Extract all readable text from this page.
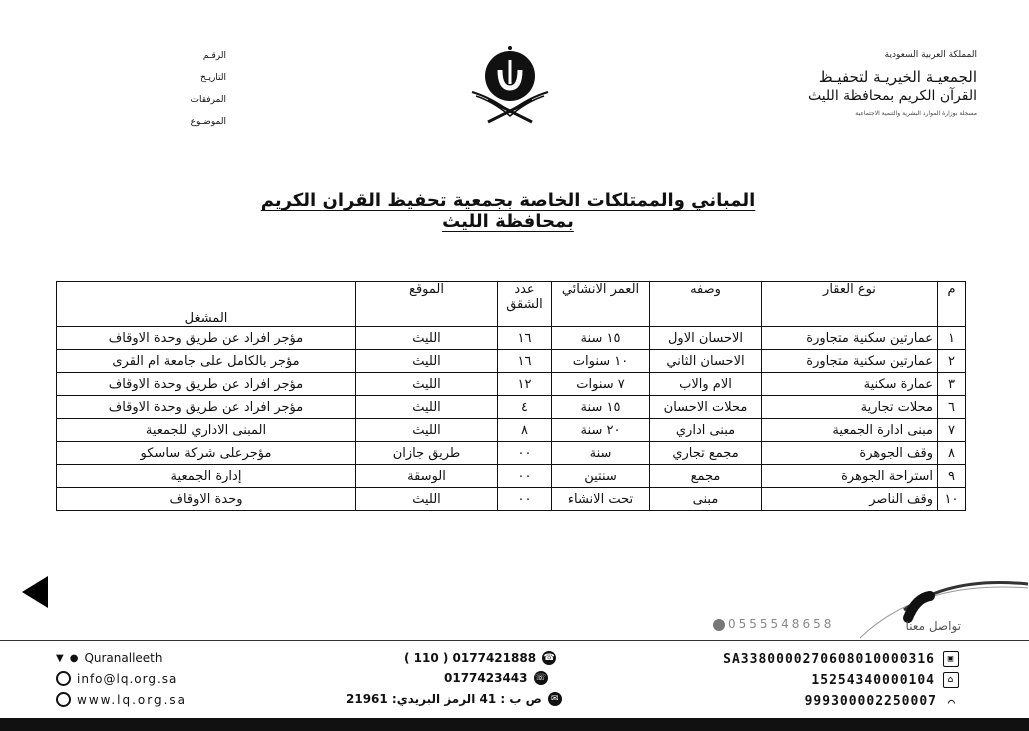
المملكة العربية السعودية
الجمعيـة الخيريـة لتحفيـظ
القرآن الكريم بمحافظة الليث
مسجلة بوزارة الموارد البشرية والتنمية الاجتماعية
الرقـم
التاريـخ
المرفقات
الموضـوع
المباني والممتلكات الخاصة بجمعية تحفيظ القران الكريم بمحافظة الليث
م	نوع العقار	وصفه	العمر الانشائي	عدد الشقق	الموقع	المشغل
١	عمارتين سكنية متجاورة	الاحسان الاول	١٥ سنة	١٦	الليث	مؤجر افراد عن طريق وحدة الاوقاف
٢	عمارتين سكنية متجاورة	الاحسان الثاني	١٠ سنوات	١٦	الليث	مؤجر بالكامل على جامعة ام القرى
٣	عمارة سكنية	الام والاب	٧ سنوات	١٢	الليث	مؤجر افراد عن طريق وحدة الاوقاف
٦	محلات تجارية	محلات الاحسان	١٥ سنة	٤	الليث	مؤجر افراد عن طريق وحدة الاوقاف
٧	مبنى ادارة الجمعية	مبنى اداري	٢٠ سنة	٨	الليث	المبنى الاداري للجمعية
٨	وقف الجوهرة	مجمع تجاري	سنة	٠٠	طريق جازان	مؤجرعلى شركة ساسكو
٩	استراحة الجوهرة	مجمع	سنتين	٠٠	الوسقة	إدارة الجمعية
١٠	وقف الناصر	مبنى	تحت الانشاء	٠٠	الليث	وحدة الاوقاف
تواصل معنا
0555548658
▼ ● Quranalleeth
info@lq.org.sa
www.lq.org.sa
( 110 ) 0177421888 ☎
0177423443 ☏
✉
ص ب : 41 الرمز البريدي: 21961
SA3380000270608010000316	▣
15254340000104	⌂
999300002250007 ⌒
